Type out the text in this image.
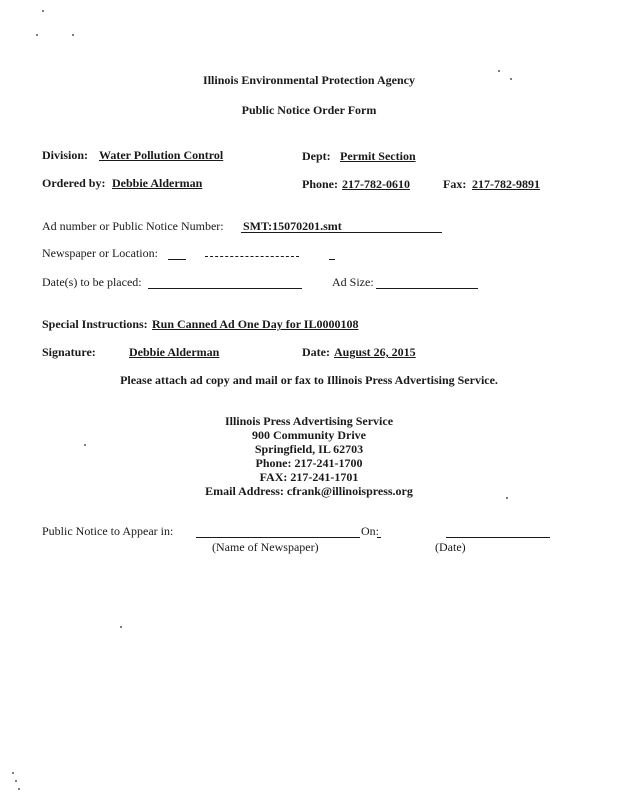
Illinois Environmental Protection Agency
Public Notice Order Form
Division: Water Pollution Control	Dept: Permit Section
Ordered by: Debbie Alderman	Phone: 217-782-0610	Fax: 217-782-9891
Ad number or Public Notice Number: SMT:15070201.smt
Newspaper or Location:
Date(s) to be placed:	Ad Size:
Special Instructions: Run Canned Ad One Day for IL0000108
Signature:	Debbie Alderman	Date: August 26, 2015
Please attach ad copy and mail or fax to Illinois Press Advertising Service.
Illinois Press Advertising Service
900 Community Drive
Springfield, IL 62703
Phone: 217-241-1700
FAX: 217-241-1701
Email Address: cfrank@illinoispress.org
Public Notice to Appear in:	On:
(Name of Newspaper)	(Date)
